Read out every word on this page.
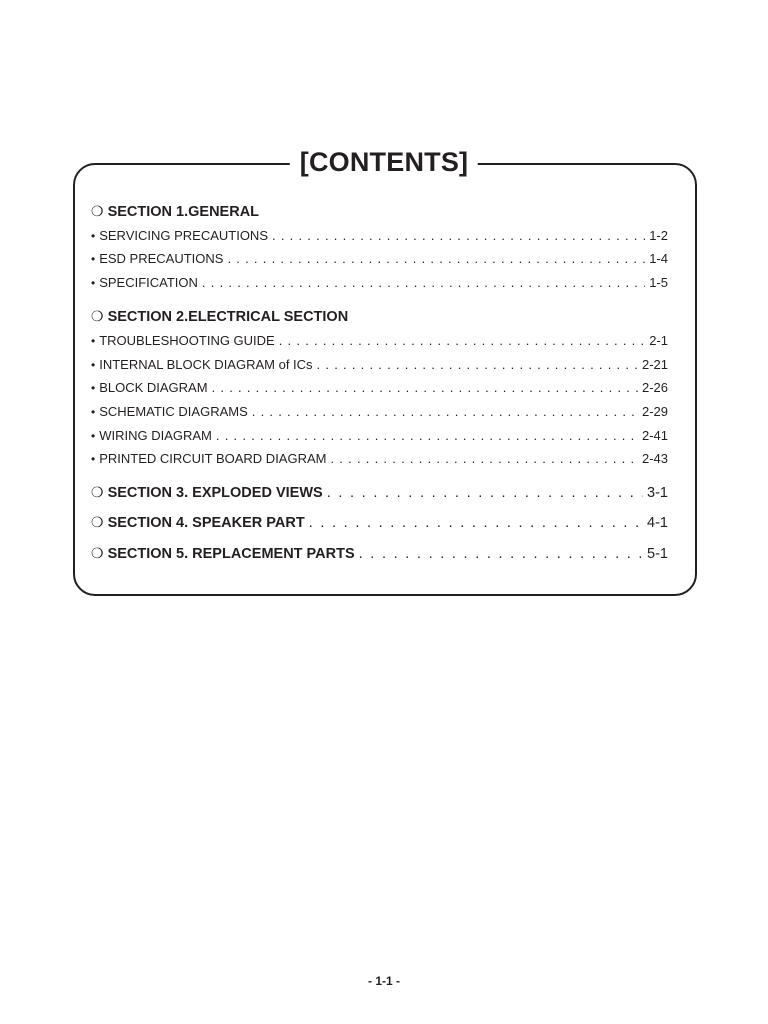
[CONTENTS]
❍ SECTION 1.GENERAL
• SERVICING PRECAUTIONS . . .	1-2
• ESD PRECAUTIONS . . .	1-4
• SPECIFICATION . . .	1-5
❍ SECTION 2.ELECTRICAL SECTION
• TROUBLESHOOTING GUIDE . . .	2-1
• INTERNAL BLOCK DIAGRAM of ICs . . .	2-21
• BLOCK DIAGRAM . . .	2-26
• SCHEMATIC DIAGRAMS . . .	2-29
• WIRING DIAGRAM . . .	2-41
• PRINTED CIRCUIT BOARD DIAGRAM . . .	2-43
❍ SECTION 3. EXPLODED VIEWS . . .	3-1
❍ SECTION 4. SPEAKER PART . . .	4-1
❍ SECTION 5. REPLACEMENT PARTS . . .	5-1
- 1-1 -
